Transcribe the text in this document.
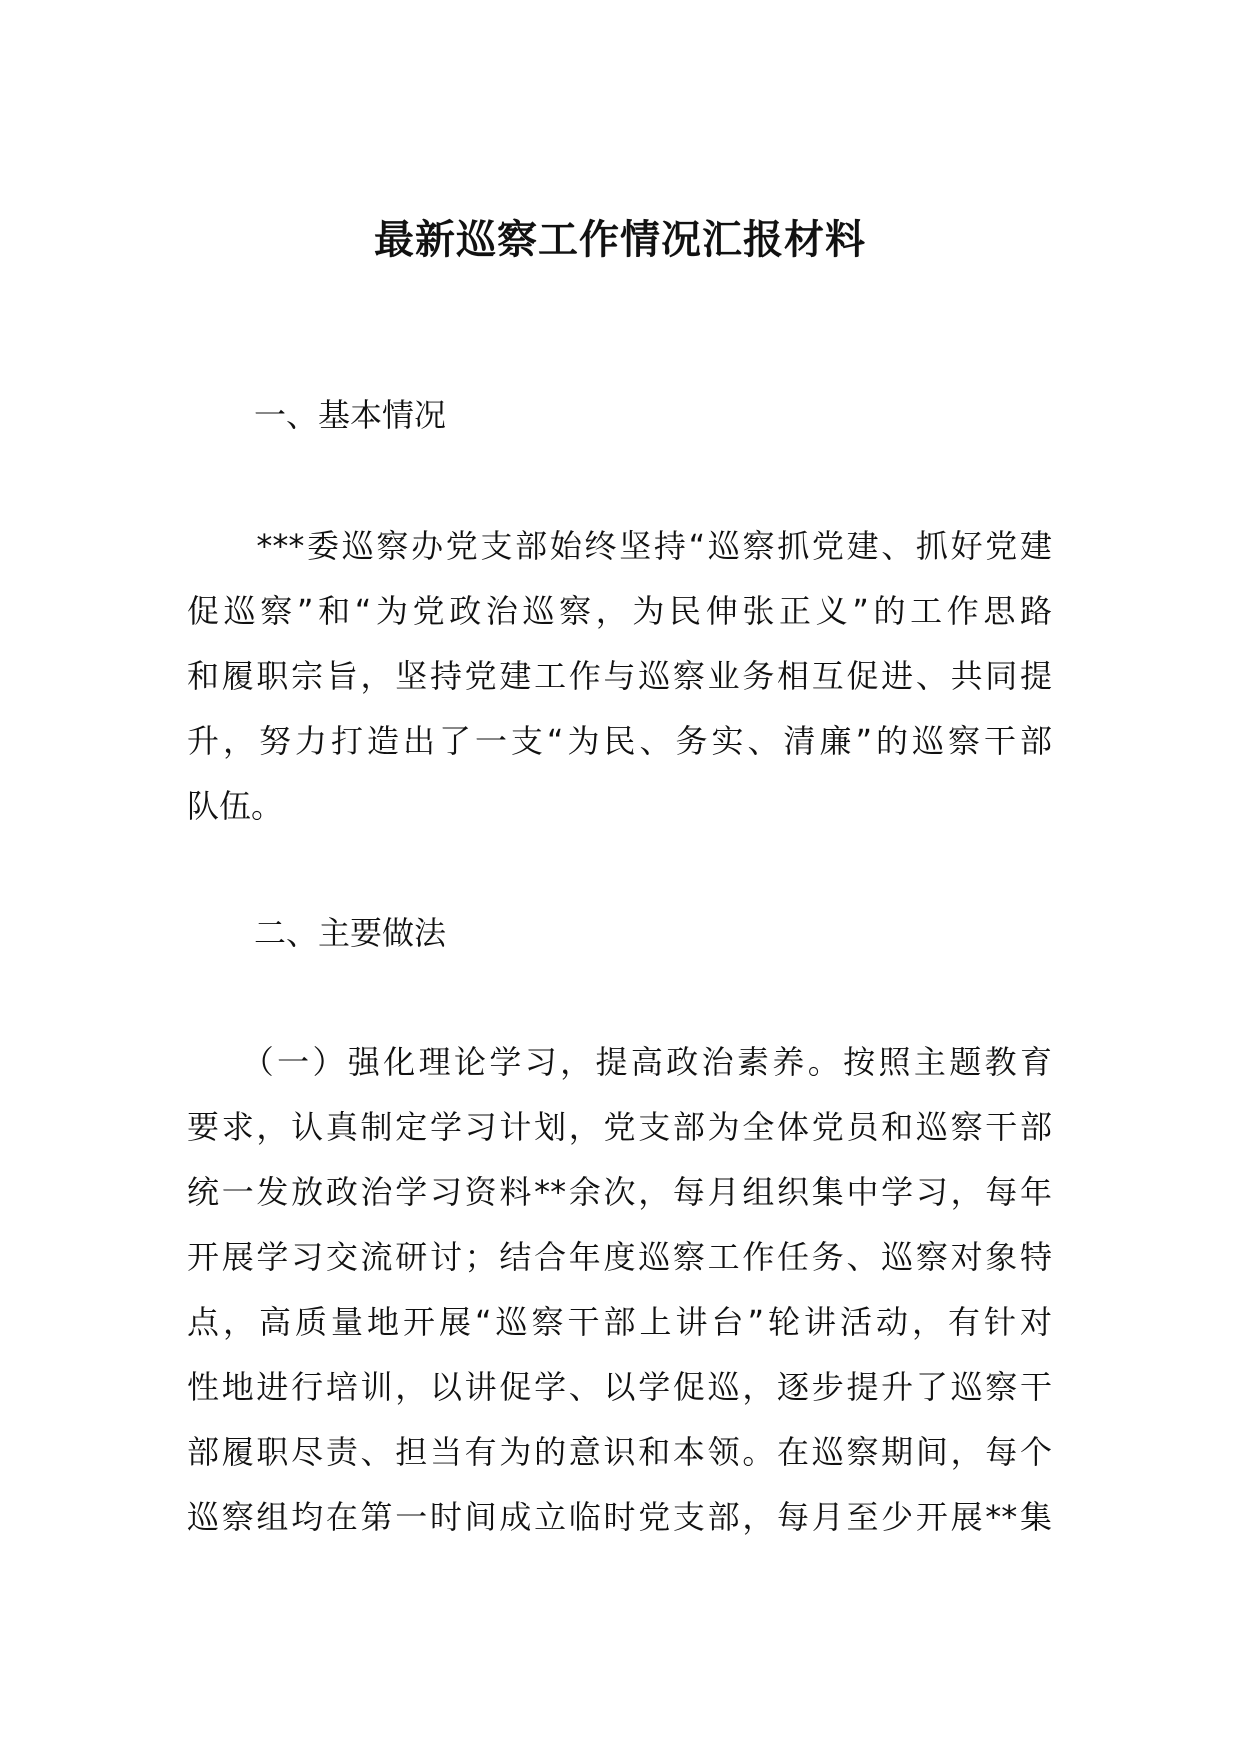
最新巡察工作情况汇报材料
一、基本情况
　　***委巡察办党支部始终坚持“巡察抓党建、抓好党建
促巡察”和“为党政治巡察，为民伸张正义”的工作思路
和履职宗旨，坚持党建工作与巡察业务相互促进、共同提
升，努力打造出了一支“为民、务实、清廉”的巡察干部
队伍。
二、主要做法
　　（一）强化理论学习，提高政治素养。按照主题教育
要求，认真制定学习计划，党支部为全体党员和巡察干部
统一发放政治学习资料**余次，每月组织集中学习，每年
开展学习交流研讨；结合年度巡察工作任务、巡察对象特
点，高质量地开展“巡察干部上讲台”轮讲活动，有针对
性地进行培训，以讲促学、以学促巡，逐步提升了巡察干
部履职尽责、担当有为的意识和本领。在巡察期间，每个
巡察组均在第一时间成立临时党支部，每月至少开展**集
